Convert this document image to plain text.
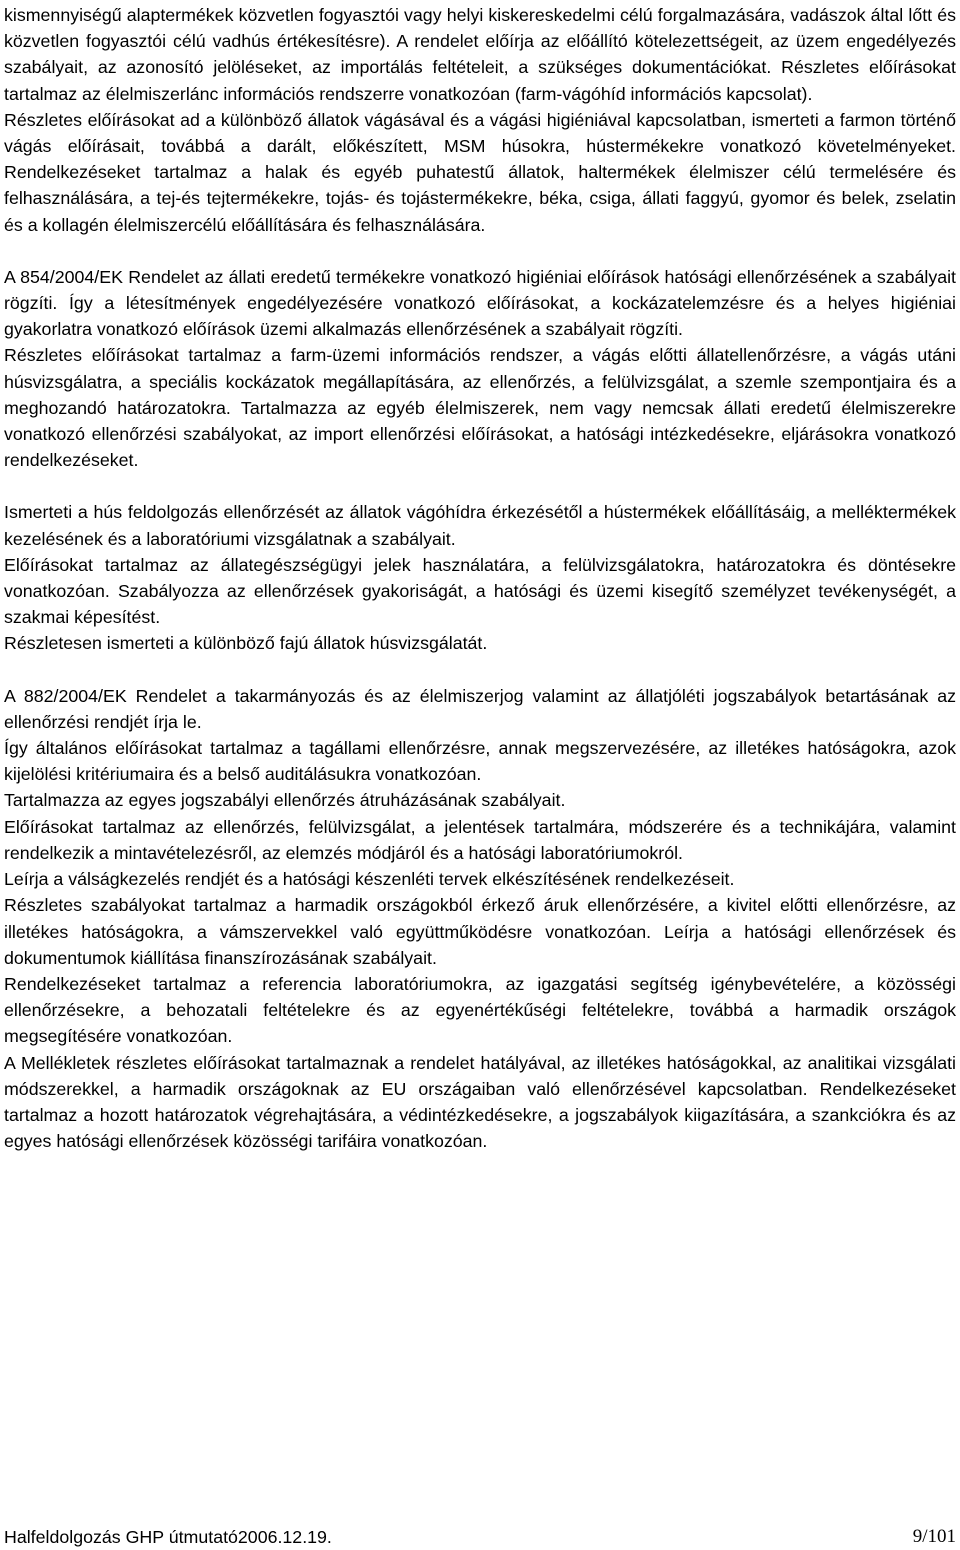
kismennyiségű alaptermékek közvetlen fogyasztói vagy helyi kiskereskedelmi célú forgalmazására, vadászok által lőtt és közvetlen fogyasztói célú vadhús értékesítésre). A rendelet előírja az előállító kötelezettségeit, az üzem engedélyezés szabályait, az azonosító jelöléseket, az importálás feltételeit, a szükséges dokumentációkat. Részletes előírásokat tartalmaz az élelmiszerlánc információs rendszerre vonatkozóan (farm-vágóhíd információs kapcsolat).

Részletes előírásokat ad a különböző állatok vágásával és a vágási higiéniával kapcsolatban, ismerteti a farmon történő vágás előírásait, továbbá a darált, előkészített, MSM húsokra, hústermékekre vonatkozó követelményeket. Rendelkezéseket tartalmaz a halak és egyéb puhatestű állatok, haltermékek élelmiszer célú termelésére és felhasználására, a tej-és tejtermékekre, tojás- és tojástermékekre, béka, csiga, állati faggyú, gyomor és belek, zselatin és a kollagén élelmiszercélú előállítására és felhasználására.

A 854/2004/EK Rendelet az állati eredetű termékekre vonatkozó higiéniai előírások hatósági ellenőrzésének a szabályait rögzíti. Így a létesítmények engedélyezésére vonatkozó előírásokat, a kockázatelemzésre és a helyes higiéniai gyakorlatra vonatkozó előírások üzemi alkalmazás ellenőrzésének a szabályait rögzíti.

Részletes előírásokat tartalmaz a farm-üzemi információs rendszer, a vágás előtti állatellenőrzésre, a vágás utáni húsvizsgálatra, a speciális kockázatok megállapítására, az ellenőrzés, a felülvizsgálat, a szemle szempontjaira és a meghozandó határozatokra. Tartalmazza az egyéb élelmiszerek, nem vagy nemcsak állati eredetű élelmiszerekre vonatkozó ellenőrzési szabályokat, az import ellenőrzési előírásokat, a hatósági intézkedésekre, eljárásokra vonatkozó rendelkezéseket.

Ismerteti a hús feldolgozás ellenőrzését az állatok vágóhídra érkezésétől a hústermékek előállításáig, a melléktermékek kezelésének és a laboratóriumi vizsgálatnak a szabályait.

Előírásokat tartalmaz az állategészségügyi jelek használatára, a felülvizsgálatokra, határozatokra és döntésekre vonatkozóan. Szabályozza az ellenőrzések gyakoriságát, a hatósági és üzemi kisegítő személyzet tevékenységét, a szakmai képesítést.

Részletesen ismerteti a különböző fajú állatok húsvizsgálatát.

A 882/2004/EK Rendelet a takarmányozás és az élelmiszerjog valamint az állatjóléti jogszabályok betartásának az ellenőrzési rendjét írja le.

Így általános előírásokat tartalmaz a tagállami ellenőrzésre, annak megszervezésére, az illetékes hatóságokra, azok kijelölési kritériumaira és a belső auditálásukra vonatkozóan.

Tartalmazza az egyes jogszabályi ellenőrzés átruházásának szabályait.

Előírásokat tartalmaz az ellenőrzés, felülvizsgálat, a jelentések tartalmára, módszerére és a technikájára, valamint rendelkezik a mintavételezésről, az elemzés módjáról és a hatósági laboratóriumokról.

Leírja a válságkezelés rendjét és a hatósági készenléti tervek elkészítésének rendelkezéseit.

Részletes szabályokat tartalmaz a harmadik országokból érkező áruk ellenőrzésére, a kivitel előtti ellenőrzésre, az illetékes hatóságokra, a vámszervekkel való együttműködésre vonatkozóan. Leírja a hatósági ellenőrzések és dokumentumok kiállítása finanszírozásának szabályait.

Rendelkezéseket tartalmaz a referencia laboratóriumokra, az igazgatási segítség igénybevételére, a közösségi ellenőrzésekre, a behozatali feltételekre és az egyenértékűségi feltételekre, továbbá a harmadik országok megsegítésére vonatkozóan.

A Mellékletek részletes előírásokat tartalmaznak a rendelet hatályával, az illetékes hatóságokkal, az analitikai vizsgálati módszerekkel, a harmadik országoknak az EU országaiban való ellenőrzésével kapcsolatban. Rendelkezéseket tartalmaz a hozott határozatok végrehajtására, a védintézkedésekre, a jogszabályok kiigazítására, a szankciókra és az egyes hatósági ellenőrzések közösségi tarifáira vonatkozóan.

Halfeldolgozás GHP útmutató2006.12.19.	9/101
